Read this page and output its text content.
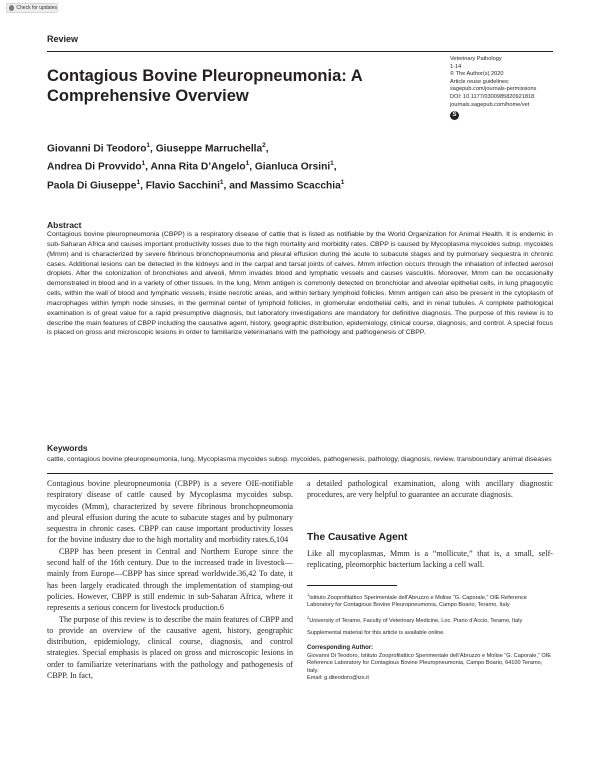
Check for updates
Review
Veterinary Pathology
1-14
© The Author(s) 2020
Article reuse guidelines:
sagepub.com/journals-permissions
DOI: 10.1177/0300985820921818
journals.sagepub.com/home/vet
S
Contagious Bovine Pleuropneumonia: A
Comprehensive Overview
Giovanni Di Teodoro$^1$, Giuseppe Marruchella$^2$,
Andrea Di Provvido$^1$, Anna Rita D’Angelo$^1$, Gianluca Orsini$^1$,
Paola Di Giuseppe$^1$, Flavio Sacchini$^1$, and Massimo Scacchia$^1$
Abstract
Contagious bovine pleuropneumonia (CBPP) is a respiratory disease of cattle that is listed as notifiable by the World Organization for Animal Health. It is endemic in sub-Saharan Africa and causes important productivity losses due to the high mortality and morbidity rates. CBPP is caused by Mycoplasma mycoides subsp. mycoides (Mmm) and is characterized by severe fibrinous bronchopneumonia and pleural effusion during the acute to subacute stages and by pulmonary sequestra in chronic cases. Additional lesions can be detected in the kidneys and in the carpal and tarsal joints of calves. Mmm infection occurs through the inhalation of infected aerosol droplets. After the colonization of bronchioles and alveoli, Mmm invades blood and lymphatic vessels and causes vasculitis. Moreover, Mmm can be occasionally demonstrated in blood and in a variety of other tissues. In the lung, Mmm antigen is commonly detected on bronchiolar and alveolar epithelial cells, in lung phagocytic cells, within the wall of blood and lymphatic vessels, inside necrotic areas, and within tertiary lymphoid follicles. Mmm antigen can also be present in the cytoplasm of macrophages within lymph node sinuses, in the germinal center of lymphoid follicles, in glomerular endothelial cells, and in renal tubules. A complete pathological examination is of great value for a rapid presumptive diagnosis, but laboratory investigations are mandatory for definitive diagnosis. The purpose of this review is to describe the main features of CBPP including the causative agent, history, geographic distribution, epidemiology, clinical course, diagnosis, and control. A special focus is placed on gross and microscopic lesions in order to familiarize veterinarians with the pathology and pathogenesis of CBPP.
Keywords
cattle, contagious bovine pleuropneumonia, lung, Mycoplasma mycoides subsp. mycoides, pathogenesis, pathology, diagnosis, review, transboundary animal diseases

Contagious bovine pleuropneumonia (CBPP) is a severe OIE-notifiable respiratory disease of cattle caused by Mycoplasma mycoides subsp. mycoides (Mmm), characterized by severe fibrinous bronchopneumonia and pleural effusion during the acute to subacute stages and by pulmonary sequestra in chronic cases. CBPP can cause important productivity losses for the bovine industry due to the high mortality and morbidity rates.6,104

CBPP has been present in Central and Northern Europe since the second half of the 16th century. Due to the increased trade in livestock—mainly from Europe—CBPP has since spread worldwide.36,42 To date, it has been largely eradicated through the implementation of stamping-out policies. However, CBPP is still endemic in sub-Saharan Africa, where it represents a serious concern for livestock production.6

The purpose of this review is to describe the main features of CBPP and to provide an overview of the causative agent, history, geographic distribution, epidemiology, clinical course, diagnosis, and control strategies. Special emphasis is placed on gross and microscopic lesions in order to familiarize veterinarians with the pathology and pathogenesis of CBPP. In fact,

a detailed pathological examination, along with ancillary diagnostic procedures, are very helpful to guarantee an accurate diagnosis.
The Causative Agent
Like all mycoplasmas, Mmm is a “mollicute,” that is, a small, self-replicating, pleomorphic bacterium lacking a cell wall.

$^1$Istituto Zooprofilattico Sperimentale dell’Abruzzo e Molise “G. Caporale,” OIE Reference Laboratory for Contagious Bovine Pleuropneumonia, Campo Boario, Teramo, Italy

$^2$University of Teramo, Faculty of Veterinary Medicine, Loc. Piano d’Accio, Teramo, Italy

Supplemental material for this article is available online.
Corresponding Author:
Giovanni Di Teodoro, Istituto Zooprofilattico Sperimentale dell’Abruzzo e Molise “G. Caporale,” OIE Reference Laboratory for Contagious Bovine Pleuropneumonia, Campo Boario, 64100 Teramo, Italy.
Email: g.diteodoro@izs.it
